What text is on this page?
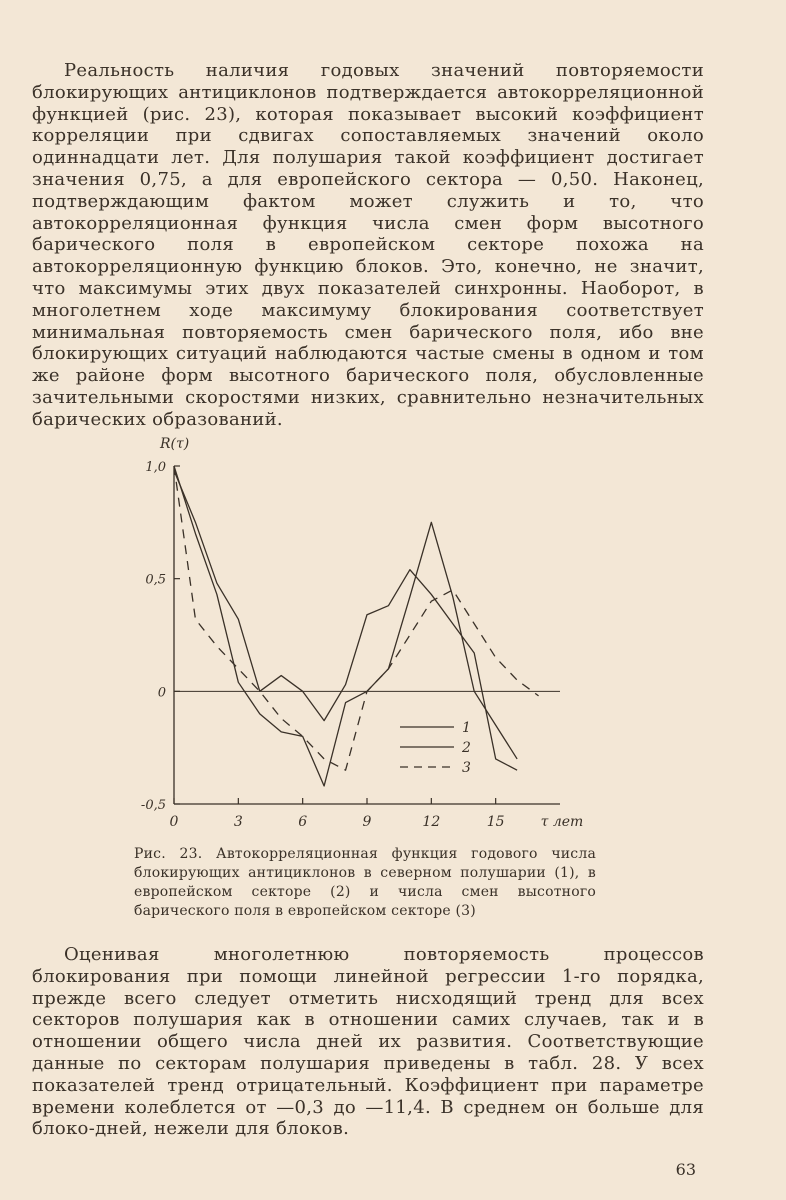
Реальность наличия годовых значений повторяемости блокирующих антициклонов подтверждается автокорреляционной функцией (рис. 23), которая показывает высокий коэффициент корреляции при сдвигах сопоставляемых значений около одиннадцати лет. Для полушария такой коэффициент достигает значения 0,75, а для европейского сектора — 0,50. Наконец, подтверждающим фактом может служить и то, что автокорреляционная функция числа смен форм высотного барического поля в европейском секторе похожа на автокорреляционную функцию блоков. Это, конечно, не значит, что максимумы этих двух показателей синхронны. Наоборот, в многолетнем ходе максимуму блокирования соответствует минимальная повторяемость смен барического поля, ибо вне блокирующих ситуаций наблюдаются частые смены в одном и том же районе форм высотного барического поля, обусловленные зачительными скоростями низких, сравнительно незначительных барических образований.

1
2
3
1,0
0,5
0
-0,5
0	3	6	9	12	15
R(τ)
τ лет

Рис. 23. Автокорреляционная функция годового числа блокирующих антициклонов в северном полушарии (1), в европейском секторе (2) и числа смен высотного барического поля в европейском секторе (3)

Оценивая многолетнюю повторяемость процессов блокирования при помощи линейной регрессии 1-го порядка, прежде всего следует отметить нисходящий тренд для всех секторов полушария как в отношении самих случаев, так и в отношении общего числа дней их развития. Соответствующие данные по секторам полушария приведены в табл. 28. У всех показателей тренд отрицательный. Коэффициент при параметре времени колеблется от —0,3 до —11,4. В среднем он больше для блоко-дней, нежели для блоков.

63
